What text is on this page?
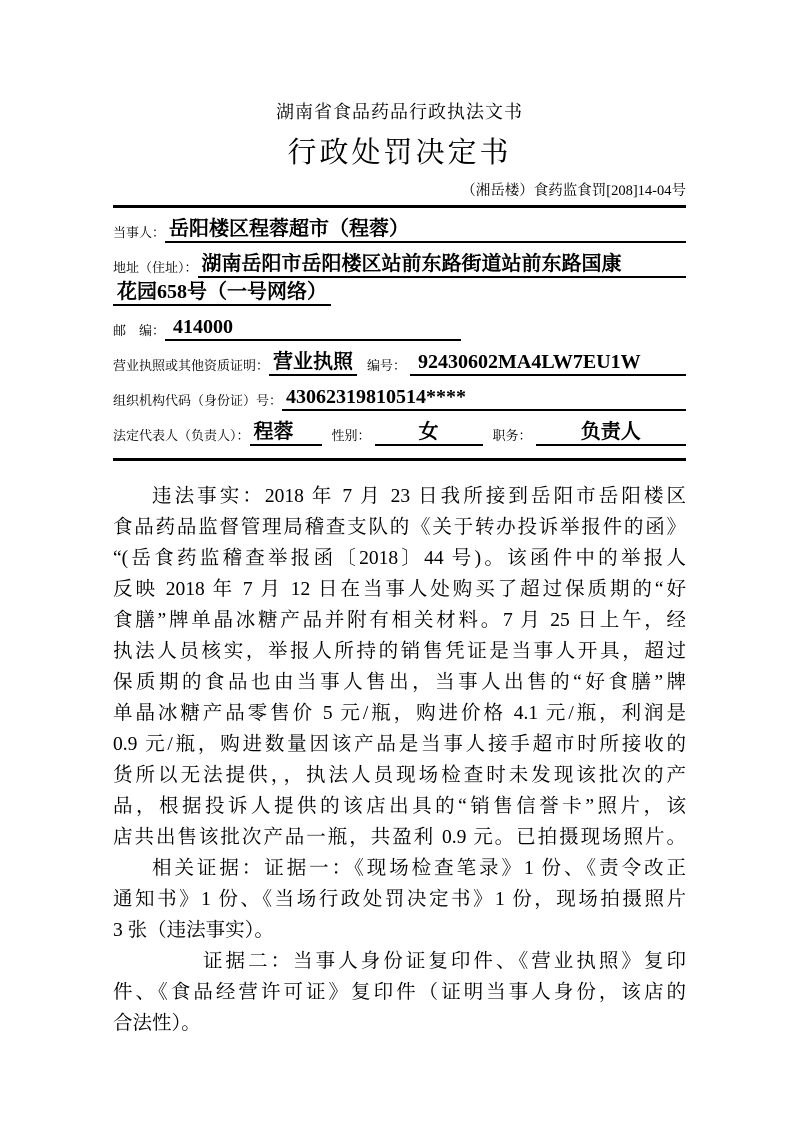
湖南省食品药品行政执法文书
行政处罚决定书
（湘岳楼）食药监食罚[208]14-04号
当事人： 岳阳楼区程蓉超市（程蓉）
地址（住址）： 湖南岳阳市岳阳楼区站前东路街道站前东路国康
花园658号（一号网络）
邮　编： 414000
营业执照或其他资质证明： 营业执照	编号： 92430602MA4LW7EU1W
组织机构代码（身份证）号： 43062319810514****
法定代表人（负责人）： 程蓉	性别：	女	职务：	负责人
违法事实：2018 年 7 月 23 日我所接到岳阳市岳阳楼区
食品药品监督管理局稽查支队的《关于转办投诉举报件的函》
“(岳食药监稽查举报函〔2018〕44 号)。该函件中的举报人
反映 2018 年 7 月 12 日在当事人处购买了超过保质期的“好
食膳”牌单晶冰糖产品并附有相关材料。7 月 25 日上午，经
执法人员核实，举报人所持的销售凭证是当事人开具，超过
保质期的食品也由当事人售出，当事人出售的“好食膳”牌
单晶冰糖产品零售价 5 元/瓶，购进价格 4.1 元/瓶，利润是
0.9 元/瓶，购进数量因该产品是当事人接手超市时所接收的
货所以无法提供，，执法人员现场检查时未发现该批次的产
品，根据投诉人提供的该店出具的“销售信誉卡”照片，该
店共出售该批次产品一瓶，共盈利 0.9 元。已拍摄现场照片。
相关证据：证据一：《现场检查笔录》1 份、《责令改正
通知书》1 份、《当场行政处罚决定书》1 份，现场拍摄照片
3 张（违法事实）。
证据二：当事人身份证复印件、《营业执照》复印
件、《食品经营许可证》复印件（证明当事人身份，该店的
合法性）。
